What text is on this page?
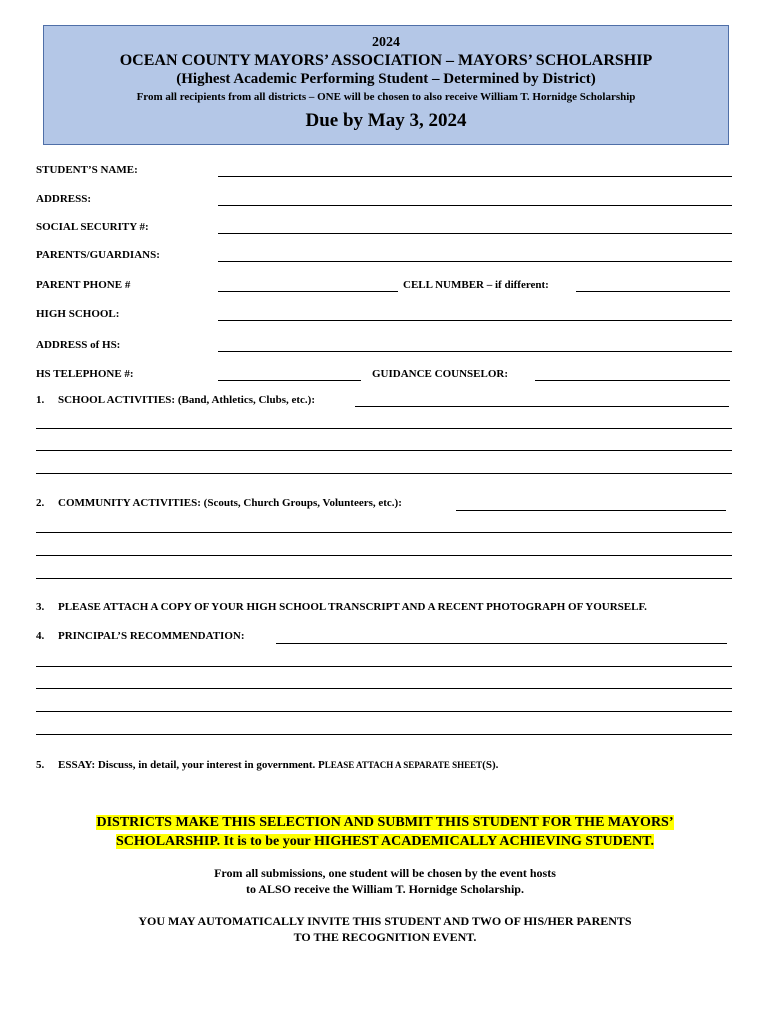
2024
OCEAN COUNTY MAYORS’ ASSOCIATION – MAYORS’ SCHOLARSHIP
(Highest Academic Performing Student – Determined by District)
From all recipients from all districts – ONE will be chosen to also receive William T. Hornidge Scholarship
Due by May 3, 2024
STUDENT’S NAME:
ADDRESS:
SOCIAL SECURITY #:
PARENTS/GUARDIANS:
PARENT PHONE #	CELL NUMBER – if different:
HIGH SCHOOL:
ADDRESS of HS:
HS TELEPHONE #:	GUIDANCE COUNSELOR:
1. SCHOOL ACTIVITIES: (Band, Athletics, Clubs, etc.):
2. COMMUNITY ACTIVITIES: (Scouts, Church Groups, Volunteers, etc.):
3. PLEASE ATTACH A COPY OF YOUR HIGH SCHOOL TRANSCRIPT AND A RECENT PHOTOGRAPH OF YOURSELF.
4. PRINCIPAL’S RECOMMENDATION:
5. ESSAY: Discuss, in detail, your interest in government. PLEASE ATTACH A SEPARATE SHEET(S).
DISTRICTS MAKE THIS SELECTION AND SUBMIT THIS STUDENT FOR THE MAYORS’
SCHOLARSHIP. It is to be your HIGHEST ACADEMICALLY ACHIEVING STUDENT.
From all submissions, one student will be chosen by the event hosts
to ALSO receive the William T. Hornidge Scholarship.
YOU MAY AUTOMATICALLY INVITE THIS STUDENT AND TWO OF HIS/HER PARENTS
TO THE RECOGNITION EVENT.
